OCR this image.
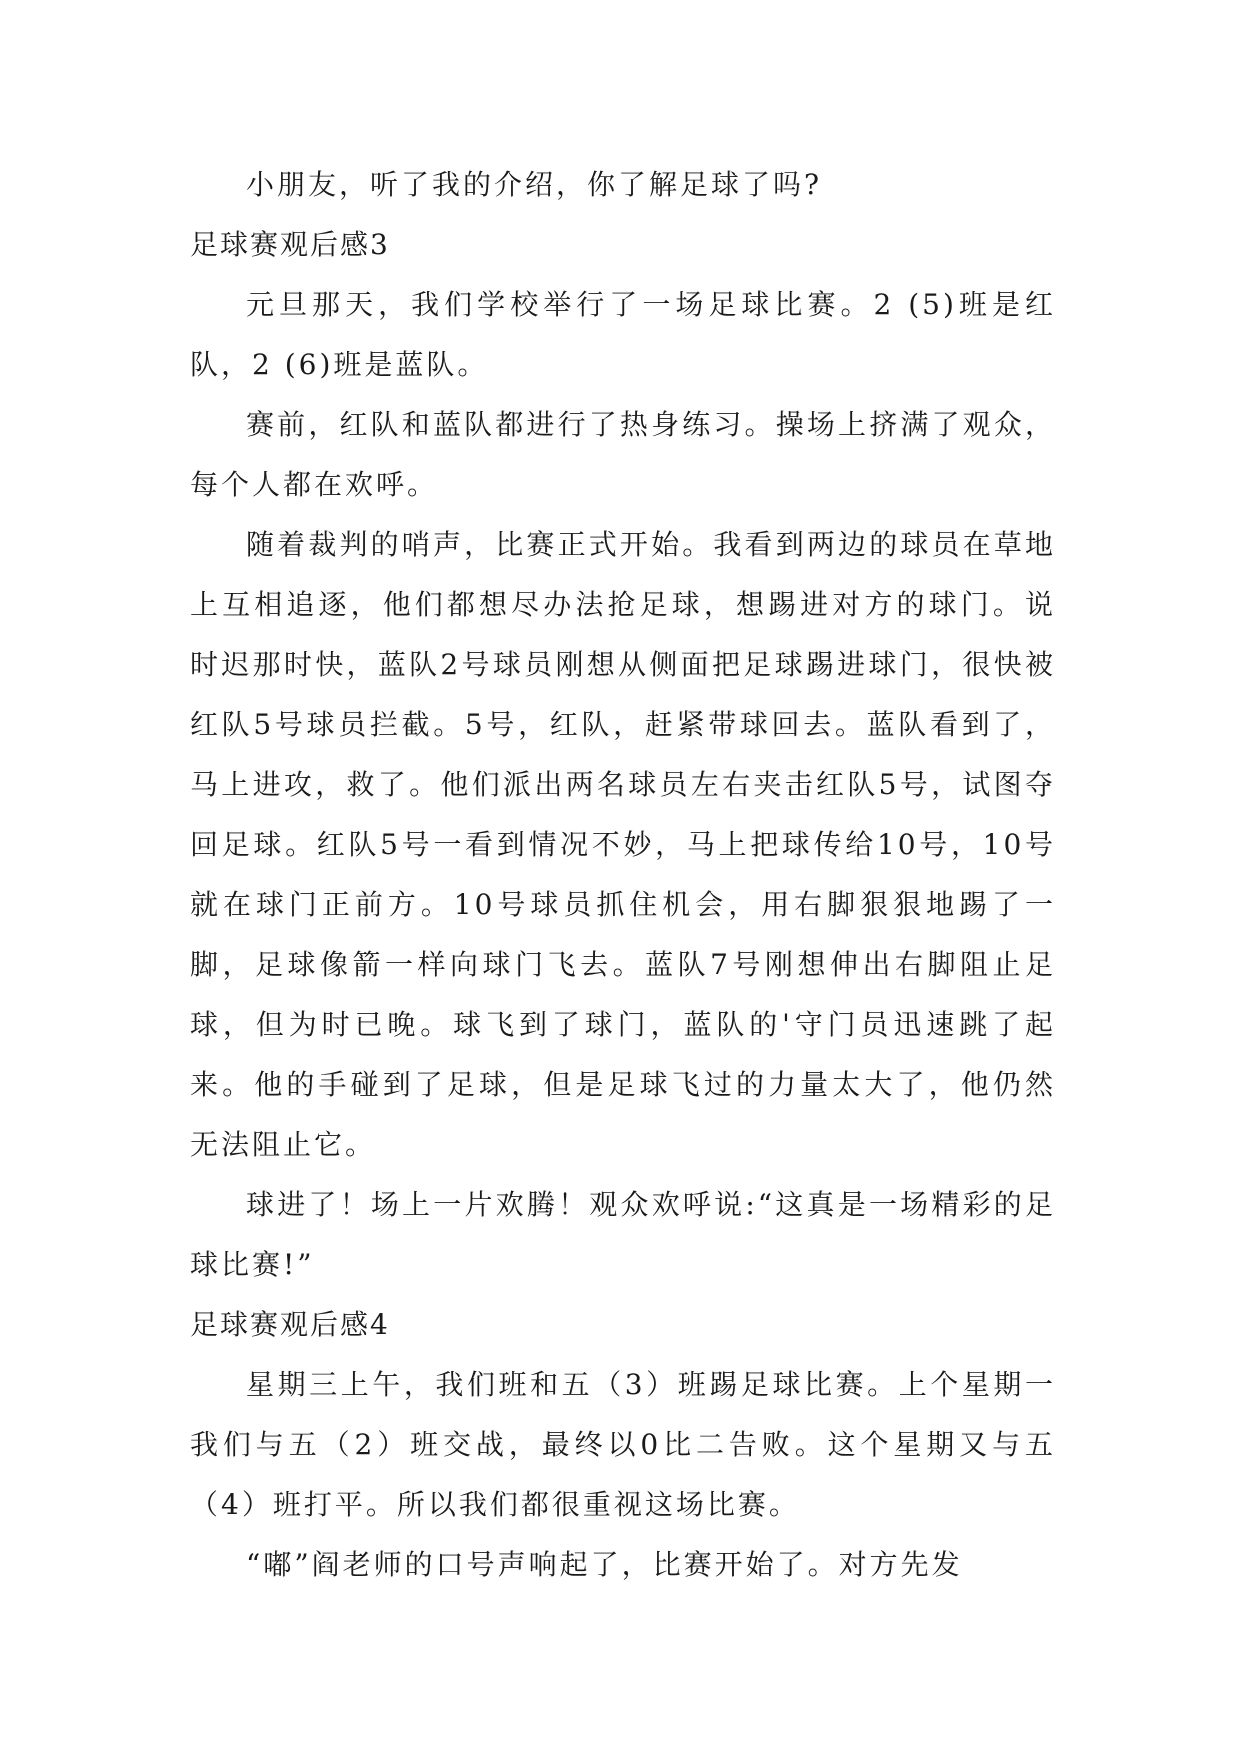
小朋友，听了我的介绍，你了解足球了吗?

足球赛观后感3

元旦那天，我们学校举行了一场足球比赛。2 (5)班是红队，2 (6)班是蓝队。

赛前，红队和蓝队都进行了热身练习。操场上挤满了观众，每个人都在欢呼。

随着裁判的哨声，比赛正式开始。我看到两边的球员在草地上互相追逐，他们都想尽办法抢足球，想踢进对方的球门。说时迟那时快，蓝队2号球员刚想从侧面把足球踢进球门，很快被红队5号球员拦截。5号，红队，赶紧带球回去。蓝队看到了，马上进攻，救了。他们派出两名球员左右夹击红队5号，试图夺回足球。红队5号一看到情况不妙，马上把球传给10号，10号就在球门正前方。10号球员抓住机会，用右脚狠狠地踢了一脚，足球像箭一样向球门飞去。蓝队7号刚想伸出右脚阻止足球，但为时已晚。球飞到了球门，蓝队的'守门员迅速跳了起来。他的手碰到了足球，但是足球飞过的力量太大了，他仍然无法阻止它。

球进了！场上一片欢腾！观众欢呼说:“这真是一场精彩的足球比赛!”

足球赛观后感4

星期三上午，我们班和五（3）班踢足球比赛。上个星期一我们与五（2）班交战，最终以0比二告败。这个星期又与五（4）班打平。所以我们都很重视这场比赛。

“嘟”阎老师的口号声响起了，比赛开始了。对方先发
